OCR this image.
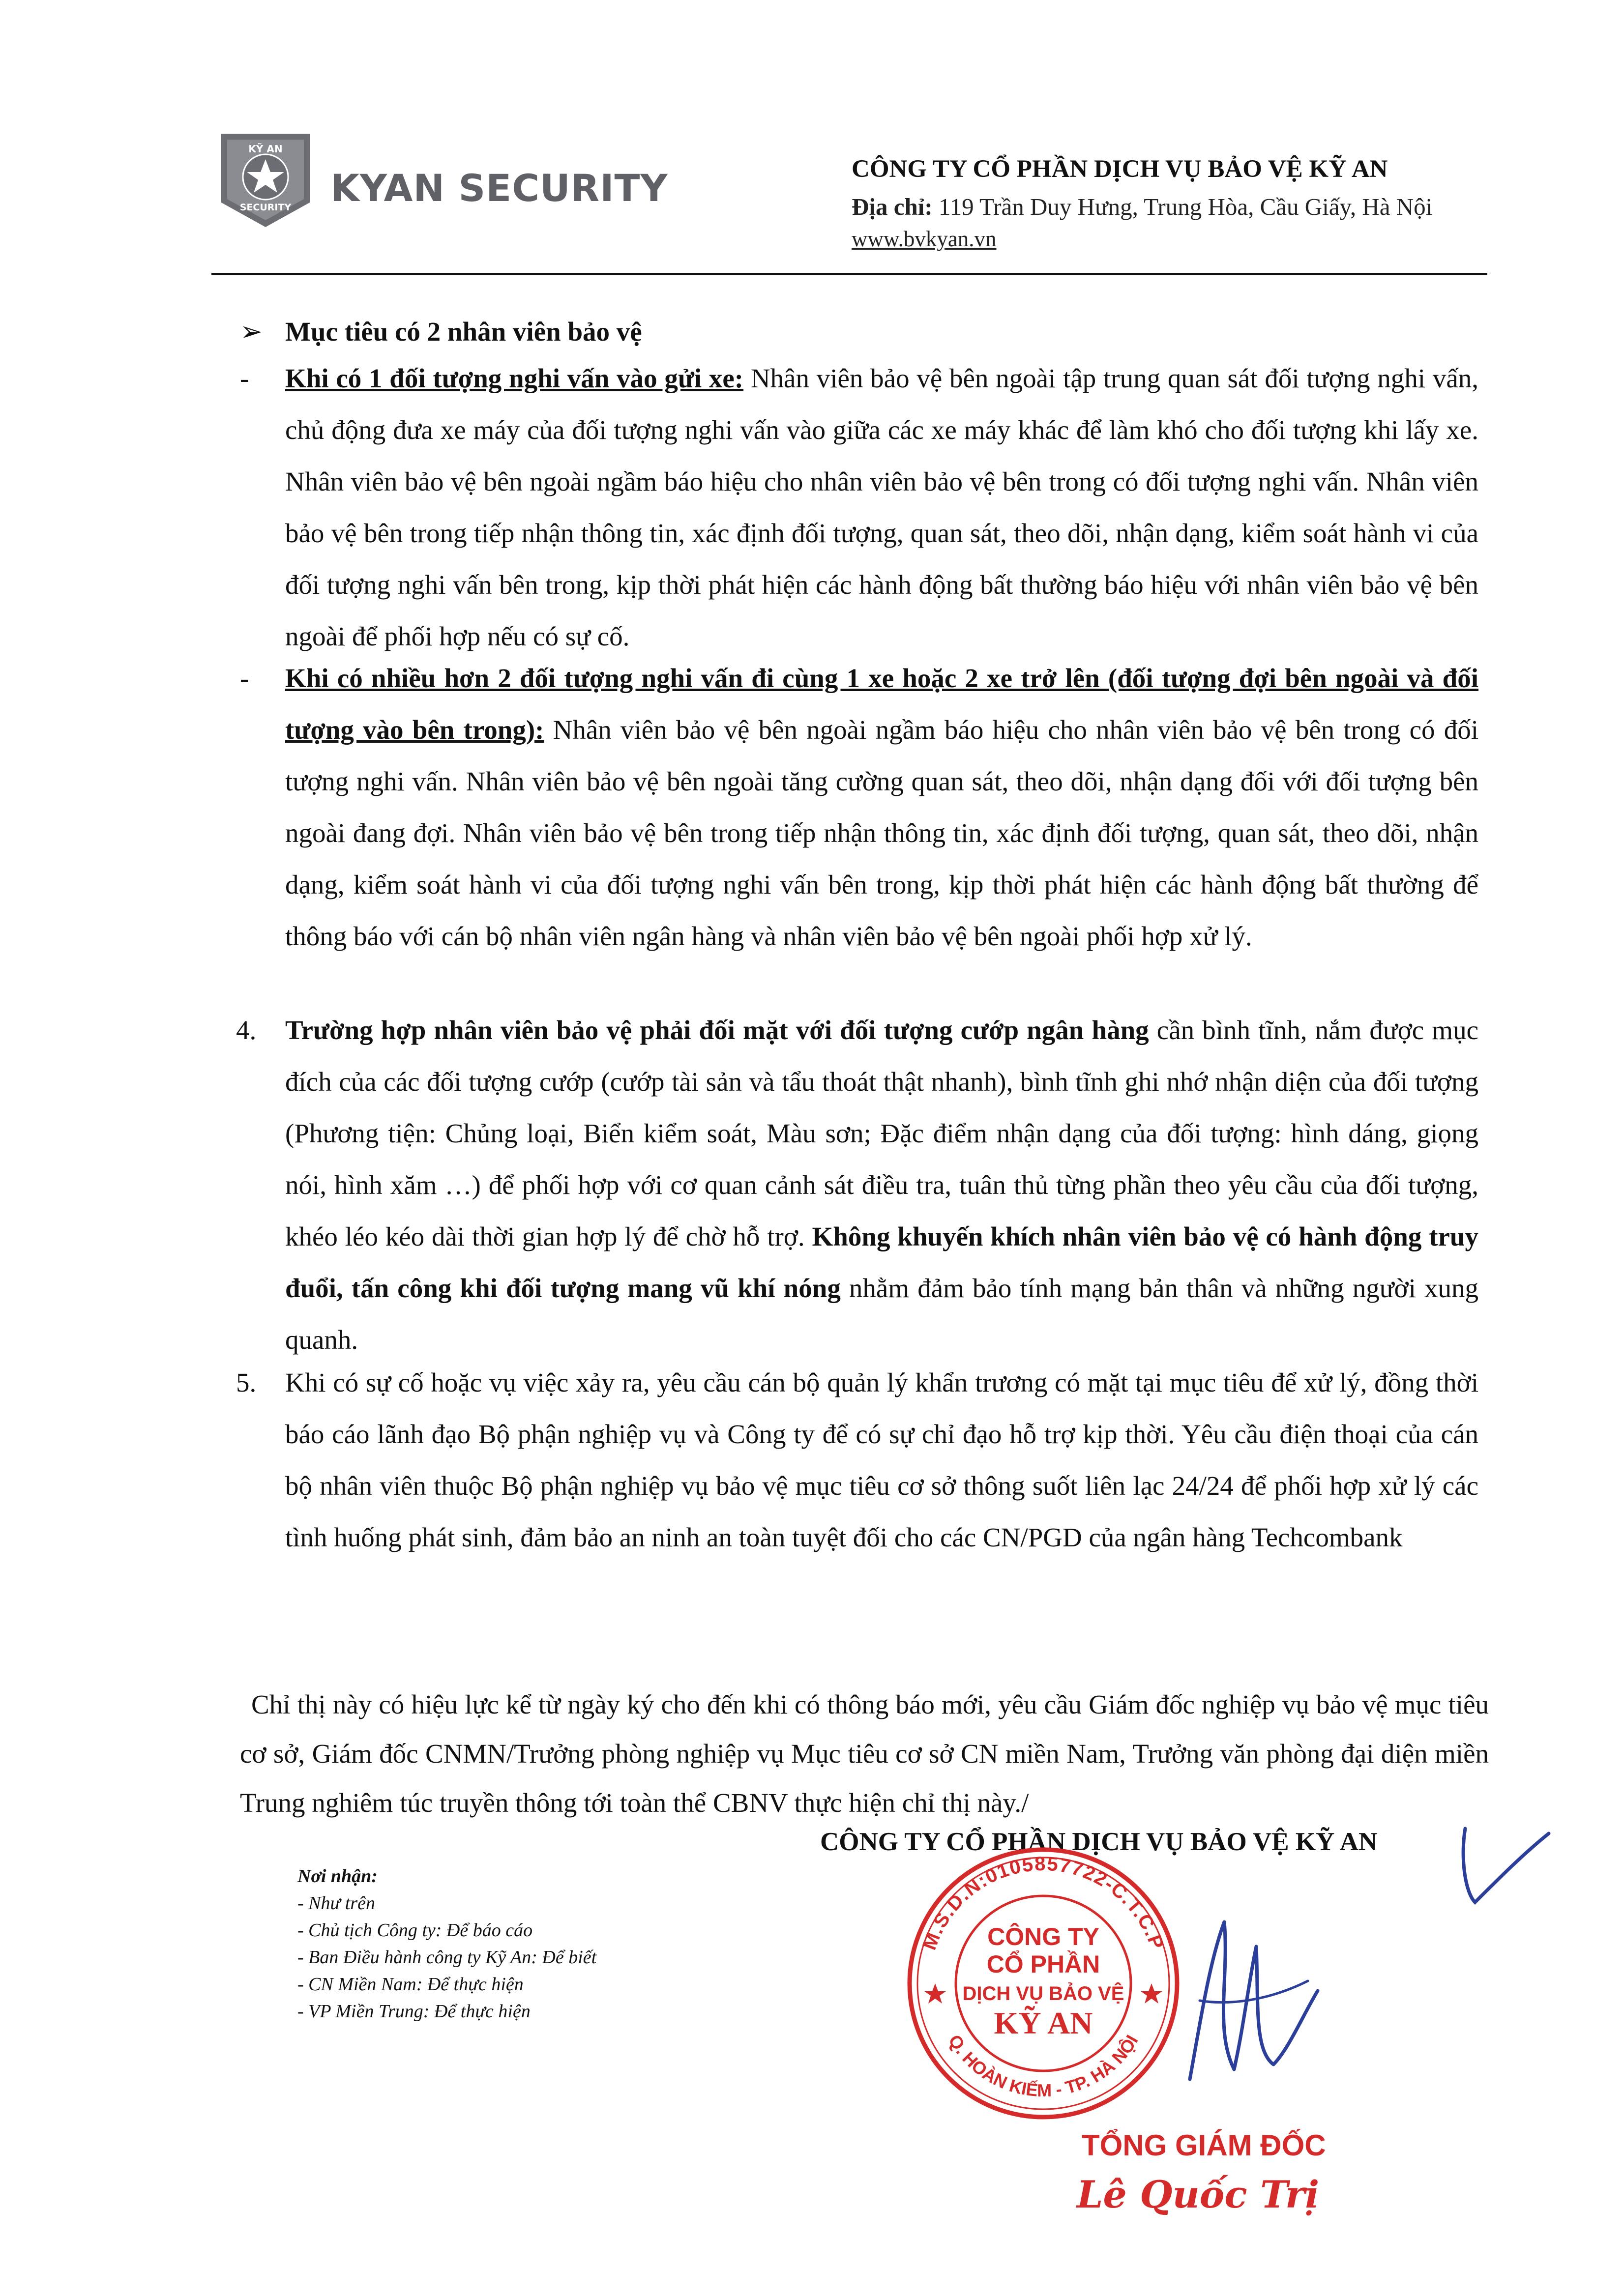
KỸ AN
SECURITY KYAN SECURITY	CÔNG TY CỔ PHẦN DỊCH VỤ BẢO VỆ KỸ AN
Địa chỉ: 119 Trần Duy Hưng, Trung Hòa, Cầu Giấy, Hà Nội
www.bvkyan.vn
➢ Mục tiêu có 2 nhân viên bảo vệ
- Khi có 1 đối tượng nghi vấn vào gửi xe: Nhân viên bảo vệ bên ngoài tập trung quan sát đối tượng nghi vấn, chủ động đưa xe máy của đối tượng nghi vấn vào giữa các xe máy khác để làm khó cho đối tượng khi lấy xe. Nhân viên bảo vệ bên ngoài ngầm báo hiệu cho nhân viên bảo vệ bên trong có đối tượng nghi vấn. Nhân viên bảo vệ bên trong tiếp nhận thông tin, xác định đối tượng, quan sát, theo dõi, nhận dạng, kiểm soát hành vi của đối tượng nghi vấn bên trong, kịp thời phát hiện các hành động bất thường báo hiệu với nhân viên bảo vệ bên ngoài để phối hợp nếu có sự cố.
- Khi có nhiều hơn 2 đối tượng nghi vấn đi cùng 1 xe hoặc 2 xe trở lên (đối tượng đợi bên ngoài và đối tượng vào bên trong): Nhân viên bảo vệ bên ngoài ngầm báo hiệu cho nhân viên bảo vệ bên trong có đối tượng nghi vấn. Nhân viên bảo vệ bên ngoài tăng cường quan sát, theo dõi, nhận dạng đối với đối tượng bên ngoài đang đợi. Nhân viên bảo vệ bên trong tiếp nhận thông tin, xác định đối tượng, quan sát, theo dõi, nhận dạng, kiểm soát hành vi của đối tượng nghi vấn bên trong, kịp thời phát hiện các hành động bất thường để thông báo với cán bộ nhân viên ngân hàng và nhân viên bảo vệ bên ngoài phối hợp xử lý.
4. Trường hợp nhân viên bảo vệ phải đối mặt với đối tượng cướp ngân hàng cần bình tĩnh, nắm được mục đích của các đối tượng cướp (cướp tài sản và tẩu thoát thật nhanh), bình tĩnh ghi nhớ nhận diện của đối tượng (Phương tiện: Chủng loại, Biển kiểm soát, Màu sơn; Đặc điểm nhận dạng của đối tượng: hình dáng, giọng nói, hình xăm …) để phối hợp với cơ quan cảnh sát điều tra, tuân thủ từng phần theo yêu cầu của đối tượng, khéo léo kéo dài thời gian hợp lý để chờ hỗ trợ. Không khuyến khích nhân viên bảo vệ có hành động truy đuổi, tấn công khi đối tượng mang vũ khí nóng nhằm đảm bảo tính mạng bản thân và những người xung quanh.
5. Khi có sự cố hoặc vụ việc xảy ra, yêu cầu cán bộ quản lý khẩn trương có mặt tại mục tiêu để xử lý, đồng thời báo cáo lãnh đạo Bộ phận nghiệp vụ và Công ty để có sự chỉ đạo hỗ trợ kịp thời. Yêu cầu điện thoại của cán bộ nhân viên thuộc Bộ phận nghiệp vụ bảo vệ mục tiêu cơ sở thông suốt liên lạc 24/24 để phối hợp xử lý các tình huống phát sinh, đảm bảo an ninh an toàn tuyệt đối cho các CN/PGD của ngân hàng Techcombank
Chỉ thị này có hiệu lực kể từ ngày ký cho đến khi có thông báo mới, yêu cầu Giám đốc nghiệp vụ bảo vệ mục tiêu cơ sở, Giám đốc CNMN/Trưởng phòng nghiệp vụ Mục tiêu cơ sở CN miền Nam, Trưởng văn phòng đại diện miền Trung nghiêm túc truyền thông tới toàn thể CBNV thực hiện chỉ thị này./
CÔNG TY CỔ PHẦN DỊCH VỤ BẢO VỆ KỸ AN
Nơi nhận:
- Như trên
- Chủ tịch Công ty: Để báo cáo
- Ban Điều hành công ty Kỹ An: Để biết
- CN Miền Nam: Để thực hiện
- VP Miền Trung: Để thực hiện
M.S.D.N:0105857722-C.T.C.P
Q. HOÀN KIẾM - TP. HÀ NỘI
CÔNG TY
CỔ PHẦN
DỊCH VỤ BẢO VỆ
KỸ AN
TỔNG GIÁM ĐỐC
Lê Quốc Trị
